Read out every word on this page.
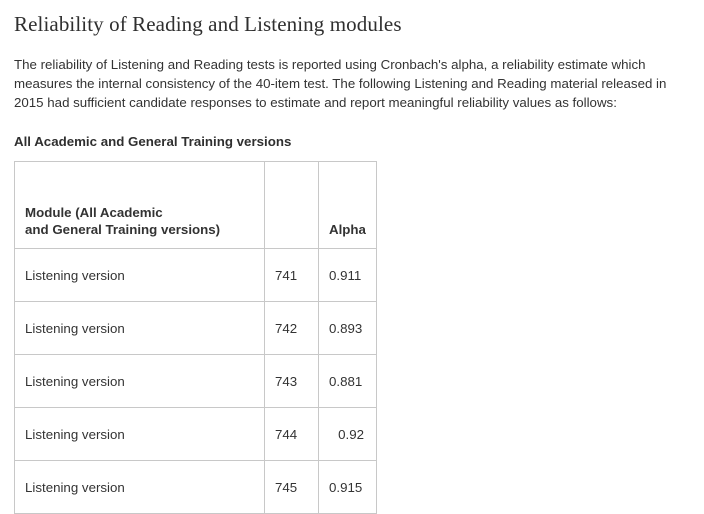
Reliability of Reading and Listening modules

The reliability of Listening and Reading tests is reported using Cronbach's alpha, a reliability estimate which measures the internal consistency of the 40-item test. The following Listening and Reading material released in 2015 had sufficient candidate responses to estimate and report meaningful reliability values as follows:

All Academic and General Training versions
Module (All Academic
and General Training versions)		Alpha
Listening version	741	0.911
Listening version	742	0.893
Listening version	743	0.881
Listening version	744	0.92
Listening version	745	0.915
